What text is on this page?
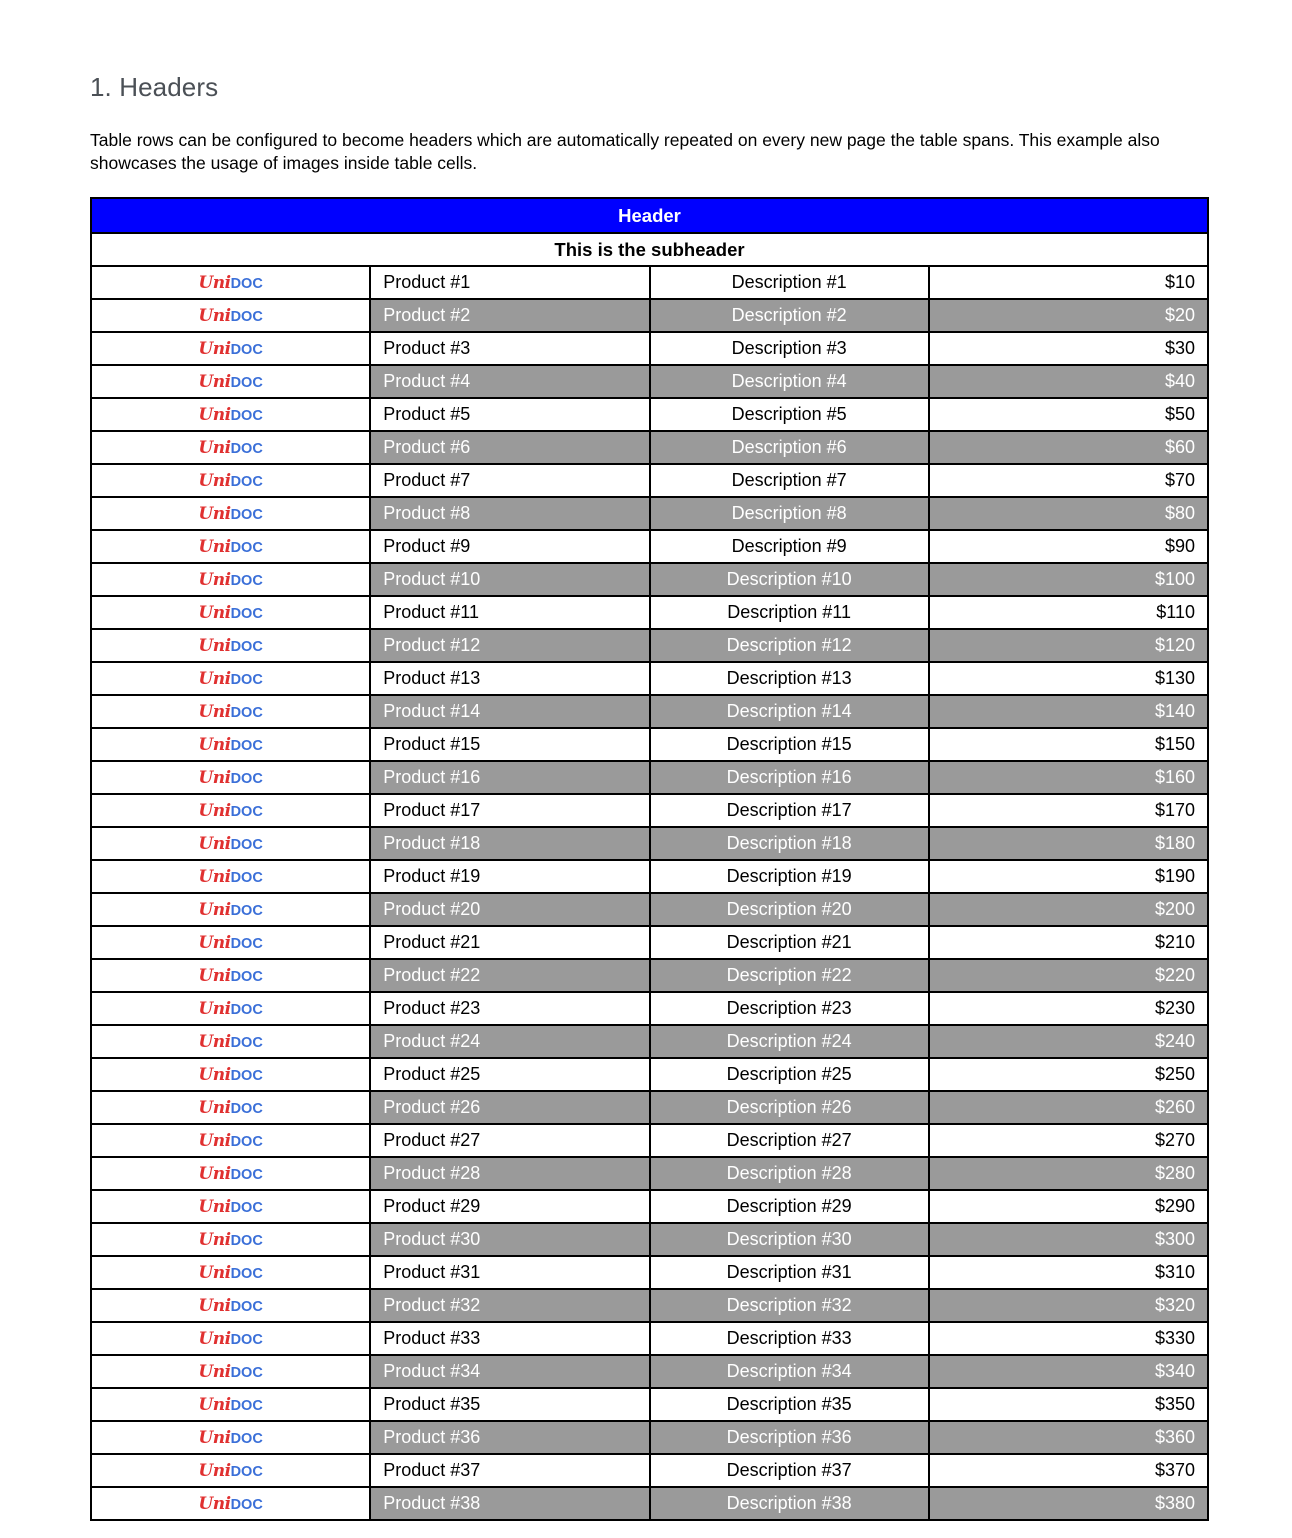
1. Headers

Table rows can be configured to become headers which are automatically repeated on every new page the table spans. This example also showcases the usage of images inside table cells.

Header			
This is the subheader			
UniDOC	Product #1	Description #1	$10
UniDOC	Product #2	Description #2	$20
UniDOC	Product #3	Description #3	$30
UniDOC	Product #4	Description #4	$40
UniDOC	Product #5	Description #5	$50
UniDOC	Product #6	Description #6	$60
UniDOC	Product #7	Description #7	$70
UniDOC	Product #8	Description #8	$80
UniDOC	Product #9	Description #9	$90
UniDOC	Product #10	Description #10	$100
UniDOC	Product #11	Description #11	$110
UniDOC	Product #12	Description #12	$120
UniDOC	Product #13	Description #13	$130
UniDOC	Product #14	Description #14	$140
UniDOC	Product #15	Description #15	$150
UniDOC	Product #16	Description #16	$160
UniDOC	Product #17	Description #17	$170
UniDOC	Product #18	Description #18	$180
UniDOC	Product #19	Description #19	$190
UniDOC	Product #20	Description #20	$200
UniDOC	Product #21	Description #21	$210
UniDOC	Product #22	Description #22	$220
UniDOC	Product #23	Description #23	$230
UniDOC	Product #24	Description #24	$240
UniDOC	Product #25	Description #25	$250
UniDOC	Product #26	Description #26	$260
UniDOC	Product #27	Description #27	$270
UniDOC	Product #28	Description #28	$280
UniDOC	Product #29	Description #29	$290
UniDOC	Product #30	Description #30	$300
UniDOC	Product #31	Description #31	$310
UniDOC	Product #32	Description #32	$320
UniDOC	Product #33	Description #33	$330
UniDOC	Product #34	Description #34	$340
UniDOC	Product #35	Description #35	$350
UniDOC	Product #36	Description #36	$360
UniDOC	Product #37	Description #37	$370
UniDOC	Product #38	Description #38	$380
